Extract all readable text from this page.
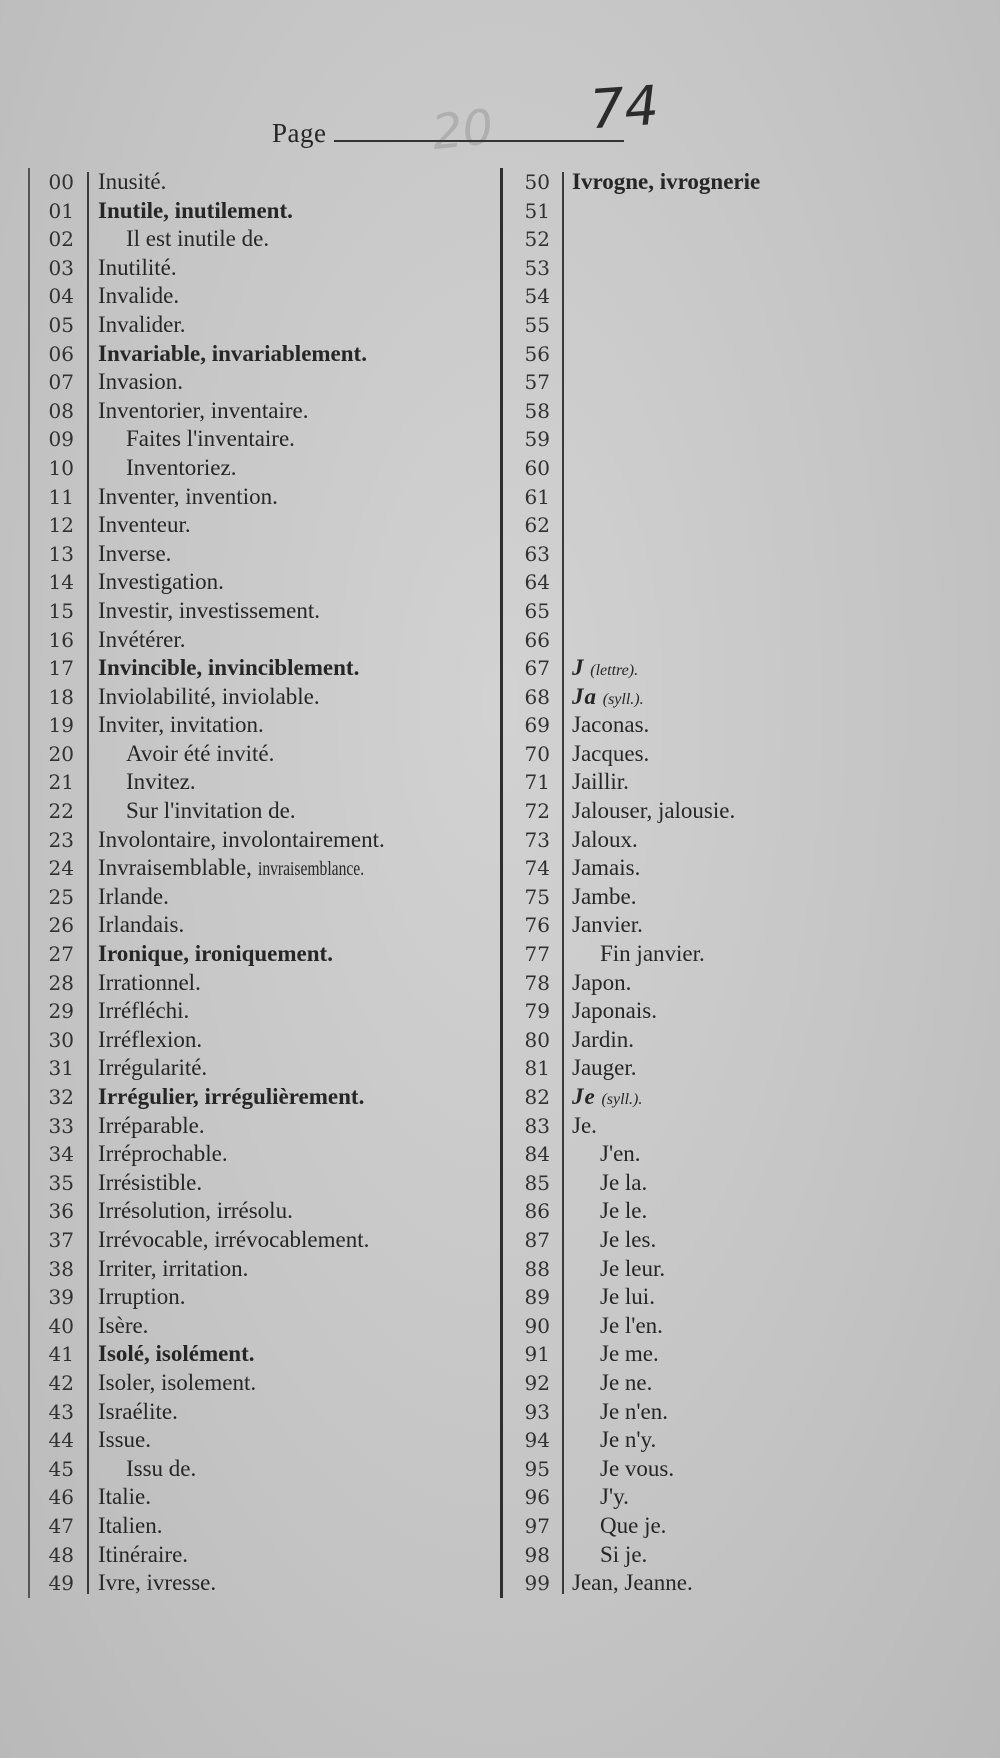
20
Page	74
00 Inusité.
01 Inutile, inutilement.
02	Il est inutile de.
03 Inutilité.
04 Invalide.
05 Invalider.
06 Invariable, invariablement.
07 Invasion.
08 Inventorier, inventaire.
09	Faites l'inventaire.
10	Inventoriez.
11 Inventer, invention.
12 Inventeur.
13 Inverse.
14 Investigation.
15 Investir, investissement.
16 Invétérer.
17 Invincible, invinciblement.
18 Inviolabilité, inviolable.
19 Inviter, invitation.
20	Avoir été invité.
21	Invitez.
22	Sur l'invitation de.
23 Involontaire, involontairement.
24 Invraisemblable, invraisemblance.
25 Irlande.
26 Irlandais.
27 Ironique, ironiquement.
28 Irrationnel.
29 Irréfléchi.
30 Irréflexion.
31 Irrégularité.
32 Irrégulier, irrégulièrement.
33 Irréparable.
34 Irréprochable.
35 Irrésistible.
36 Irrésolution, irrésolu.
37 Irrévocable, irrévocablement.
38 Irriter, irritation.
39 Irruption.
40 Isère.
41 Isolé, isolément.
42 Isoler, isolement.
43 Israélite.
44 Issue.
45	Issu de.
46 Italie.
47 Italien.
48 Itinéraire.
49 Ivre, ivresse.
50 Ivrogne, ivrognerie
51
52
53
54
55
56
57
58
59
60
61
62
63
64
65
66
67 J (lettre).
68 Ja (syll.).
69 Jaconas.
70 Jacques.
71 Jaillir.
72 Jalouser, jalousie.
73 Jaloux.
74 Jamais.
75 Jambe.
76 Janvier.
77	Fin janvier.
78 Japon.
79 Japonais.
80 Jardin.
81 Jauger.
82 Je (syll.).
83 Je.
84	J'en.
85	Je la.
86	Je le.
87	Je les.
88	Je leur.
89	Je lui.
90	Je l'en.
91	Je me.
92	Je ne.
93	Je n'en.
94	Je n'y.
95	Je vous.
96	J'y.
97	Que je.
98	Si je.
99 Jean, Jeanne.
